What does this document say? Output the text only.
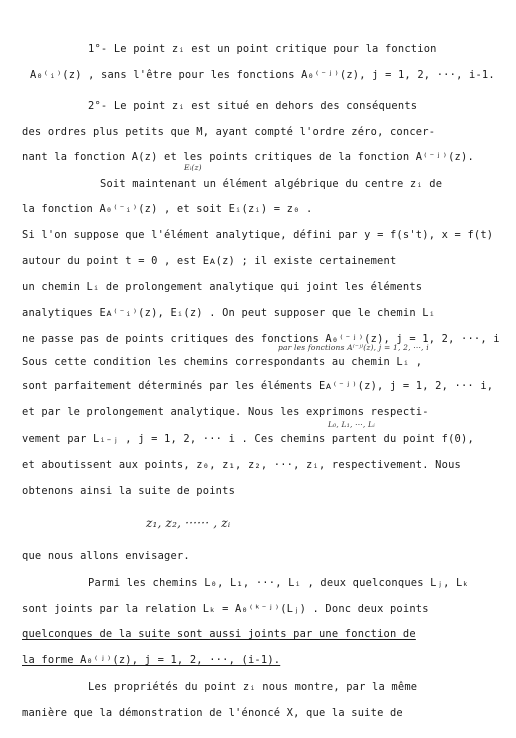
1°- Le point zᵢ est un point critique pour la fonction
A₀⁽ᵢ⁾(z) , sans l'être pour les fonctions A₀⁽⁻ʲ⁾(z), j = 1, 2, ···, i-1.
2°- Le point zᵢ est situé en dehors des conséquents
des ordres plus petits que M, ayant compté l'ordre zéro, concer-
nant la fonction A(z) et les points critiques de la fonction A⁽⁻ʲ⁾(z).
Eᵢ(z)
Soit maintenant un élément algébrique du centre zᵢ de
la fonction A₀⁽⁻ᵢ⁾(z) , et soit Eᵢ(zᵢ) = z₀ .
Si l'on suppose que l'élément analytique, défini par y = f(s't), x = f(t)
autour du point t = 0 , est Eᴀ(z) ; il existe certainement
un chemin Lᵢ de prolongement analytique qui joint les éléments
analytiques Eᴀ⁽⁻ᵢ⁾(z), Eᵢ(z) . On peut supposer que le chemin Lᵢ
ne passe pas de points critiques des fonctions A₀⁽⁻ʲ⁾(z), j = 1, 2, ···, i
par les fonctions A⁽⁻ʲ⁾(z), j = 1, 2, ···, i
Sous cette condition les chemins correspondants au chemin Lᵢ ,
sont parfaitement déterminés par les éléments Eᴀ⁽⁻ʲ⁾(z), j = 1, 2, ··· i,
et par le prolongement analytique. Nous les exprimons respecti-
L₀, L₁, ···, Lᵢ
vement par Lᵢ₋ⱼ , j = 1, 2, ··· i . Ces chemins partent du point f(0),
et aboutissent aux points, z₀, z₁, z₂, ···, zᵢ, respectivement. Nous
obtenons ainsi la suite de points
z₁, z₂, ······ , zᵢ
que nous allons envisager.
Parmi les chemins L₀, L₁, ···, Lᵢ , deux quelconques Lⱼ, Lₖ
sont joints par la relation Lₖ = A₀⁽ᵏ⁻ʲ⁾(Lⱼ) . Donc deux points
quelconques de la suite sont aussi joints par une fonction de
la forme A₀⁽ʲ⁾(z), j = 1, 2, ···, (i-1).
Les propriétés du point zᵢ nous montre, par la même
manière que la démonstration de l'énoncé X, que la suite de
